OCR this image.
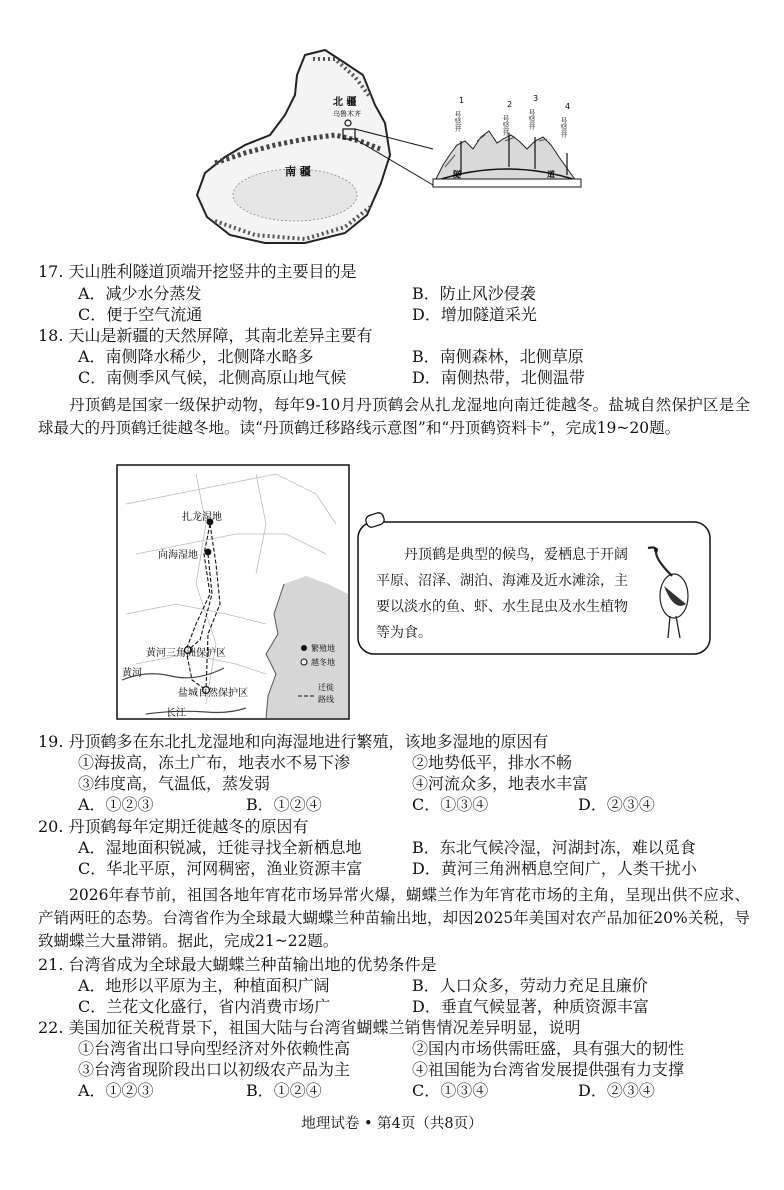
乌鲁木齐
北 疆
南 疆
1	2
3
4
号竖井	号竖井	号竖井	号竖井
隧	道
17. 天山胜利隧道顶端开挖竖井的主要目的是
A．减少水分蒸发	B．防止风沙侵袭
C．便于空气流通	D．增加隧道采光
18. 天山是新疆的天然屏障，其南北差异主要有
A．南侧降水稀少，北侧降水略多	B．南侧森林，北侧草原
C．南侧季风气候，北侧高原山地气候	D．南侧热带，北侧温带
丹顶鹤是国家一级保护动物，每年9-10月丹顶鹤会从扎龙湿地向南迁徙越冬。盐城自然保护区是全球最大的丹顶鹤迁徙越冬地。读“丹顶鹤迁移路线示意图”和“丹顶鹤资料卡”，完成19~20题。
扎龙湿地
向海湿地
黄河三角洲保护区
黄河
盐城自然保护区
长江
繁殖地
越冬地
迁徙
路线
丹顶鹤是典型的候鸟，爱栖息于开阔平原、沼泽、湖泊、海滩及近水滩涂，主要以淡水的鱼、虾、水生昆虫及水生植物等为食。
19. 丹顶鹤多在东北扎龙湿地和向海湿地进行繁殖，该地多湿地的原因有
①海拔高，冻土广布，地表水不易下渗	②地势低平，排水不畅
③纬度高，气温低，蒸发弱	④河流众多，地表水丰富
A．①②③	B．①②④	C．①③④	D．②③④
20. 丹顶鹤每年定期迁徙越冬的原因有
A．湿地面积锐减，迁徙寻找全新栖息地	B．东北气候冷湿，河湖封冻，难以觅食
C．华北平原，河网稠密，渔业资源丰富	D．黄河三角洲栖息空间广，人类干扰小
2026年春节前，祖国各地年宵花市场异常火爆，蝴蝶兰作为年宵花市场的主角，呈现出供不应求、产销两旺的态势。台湾省作为全球最大蝴蝶兰种苗输出地，却因2025年美国对农产品加征20%关税，导致蝴蝶兰大量滞销。据此，完成21~22题。
21. 台湾省成为全球最大蝴蝶兰种苗输出地的优势条件是
A．地形以平原为主，种植面积广阔	B．人口众多，劳动力充足且廉价
C．兰花文化盛行，省内消费市场广	D．垂直气候显著，种质资源丰富
22. 美国加征关税背景下，祖国大陆与台湾省蝴蝶兰销售情况差异明显，说明
①台湾省出口导向型经济对外依赖性高	②国内市场供需旺盛，具有强大的韧性
③台湾省现阶段出口以初级农产品为主	④祖国能为台湾省发展提供强有力支撑
A．①②③	B．①②④	C．①③④	D．②③④
地理试卷 • 第4页（共8页）
